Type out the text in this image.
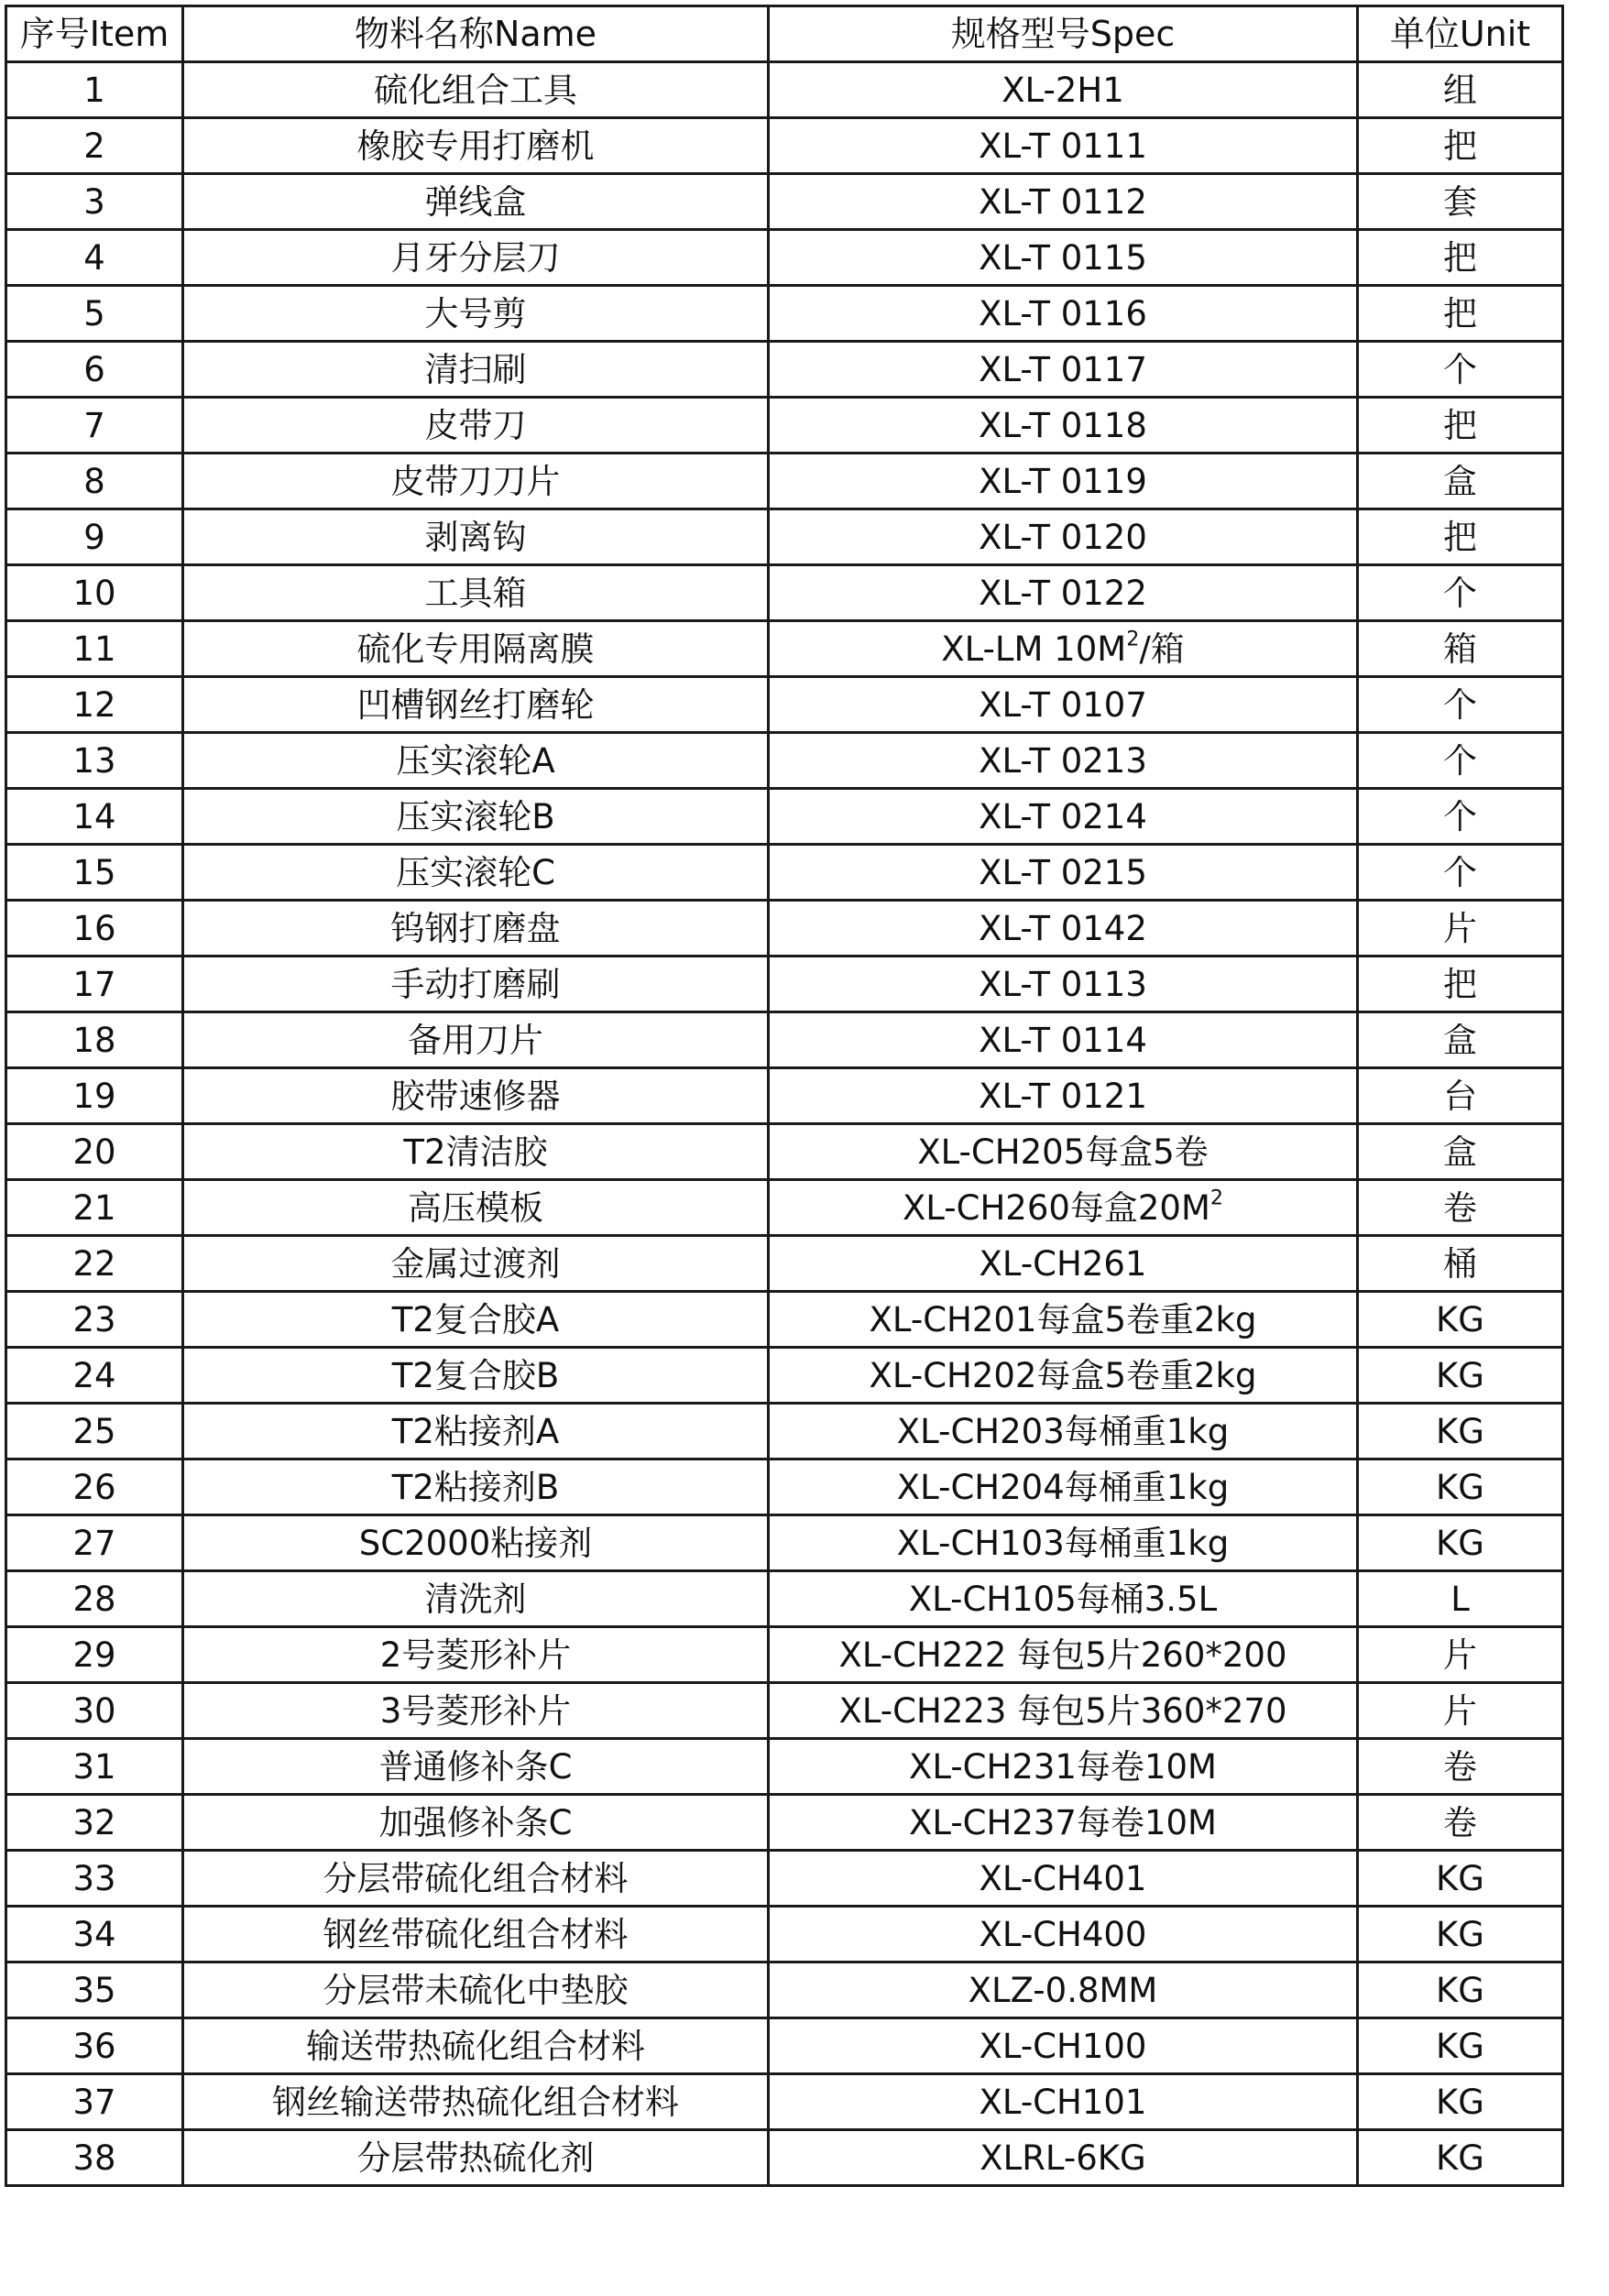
序号Item	物料名称Name	规格型号Spec	单位Unit
1	硫化组合工具	XL-2H1	组
2	橡胶专用打磨机	XL-T 0111	把
3	弹线盒	XL-T 0112	套
4	月牙分层刀	XL-T 0115	把
5	大号剪	XL-T 0116	把
6	清扫刷	XL-T 0117	个
7	皮带刀	XL-T 0118	把
8	皮带刀刀片	XL-T 0119	盒
9	剥离钩	XL-T 0120	把
10	工具箱	XL-T 0122	个
11	硫化专用隔离膜	XL-LM $10M^2/$箱	箱
12	凹槽钢丝打磨轮	XL-T 0107	个
13	压实滚轮A	XL-T 0213	个
14	压实滚轮B	XL-T 0214	个
15	压实滚轮C	XL-T 0215	个
16	钨钢打磨盘	XL-T 0142	片
17	手动打磨刷	XL-T 0113	把
18	备用刀片	XL-T 0114	盒
19	胶带速修器	XL-T 0121	台
20	T2清洁胶	XL-CH205每盒5卷	盒
21	高压模板	XL-CH260每盒$20M^2$	卷
22	金属过渡剂	XL-CH261	桶
23	T2复合胶A	XL-CH201每盒5卷重2kg	KG
24	T2复合胶B	XL-CH202每盒5卷重2kg	KG
25	T2粘接剂A	XL-CH203每桶重1kg	KG
26	T2粘接剂B	XL-CH204每桶重1kg	KG
27	SC2000粘接剂	XL-CH103每桶重1kg	KG
28	清洗剂	XL-CH105每桶3.5L	L
29	2号菱形补片	XL-CH222 每包5片260*200	片
30	3号菱形补片	XL-CH223 每包5片360*270	片
31	普通修补条C	XL-CH231每卷10M	卷
32	加强修补条C	XL-CH237每卷10M	卷
33	分层带硫化组合材料	XL-CH401	KG
34	钢丝带硫化组合材料	XL-CH400	KG
35	分层带未硫化中垫胶	XLZ-0.8MM	KG
36	输送带热硫化组合材料	XL-CH100	KG
37	钢丝输送带热硫化组合材料	XL-CH101	KG
38	分层带热硫化剂	XLRL-6KG	KG
